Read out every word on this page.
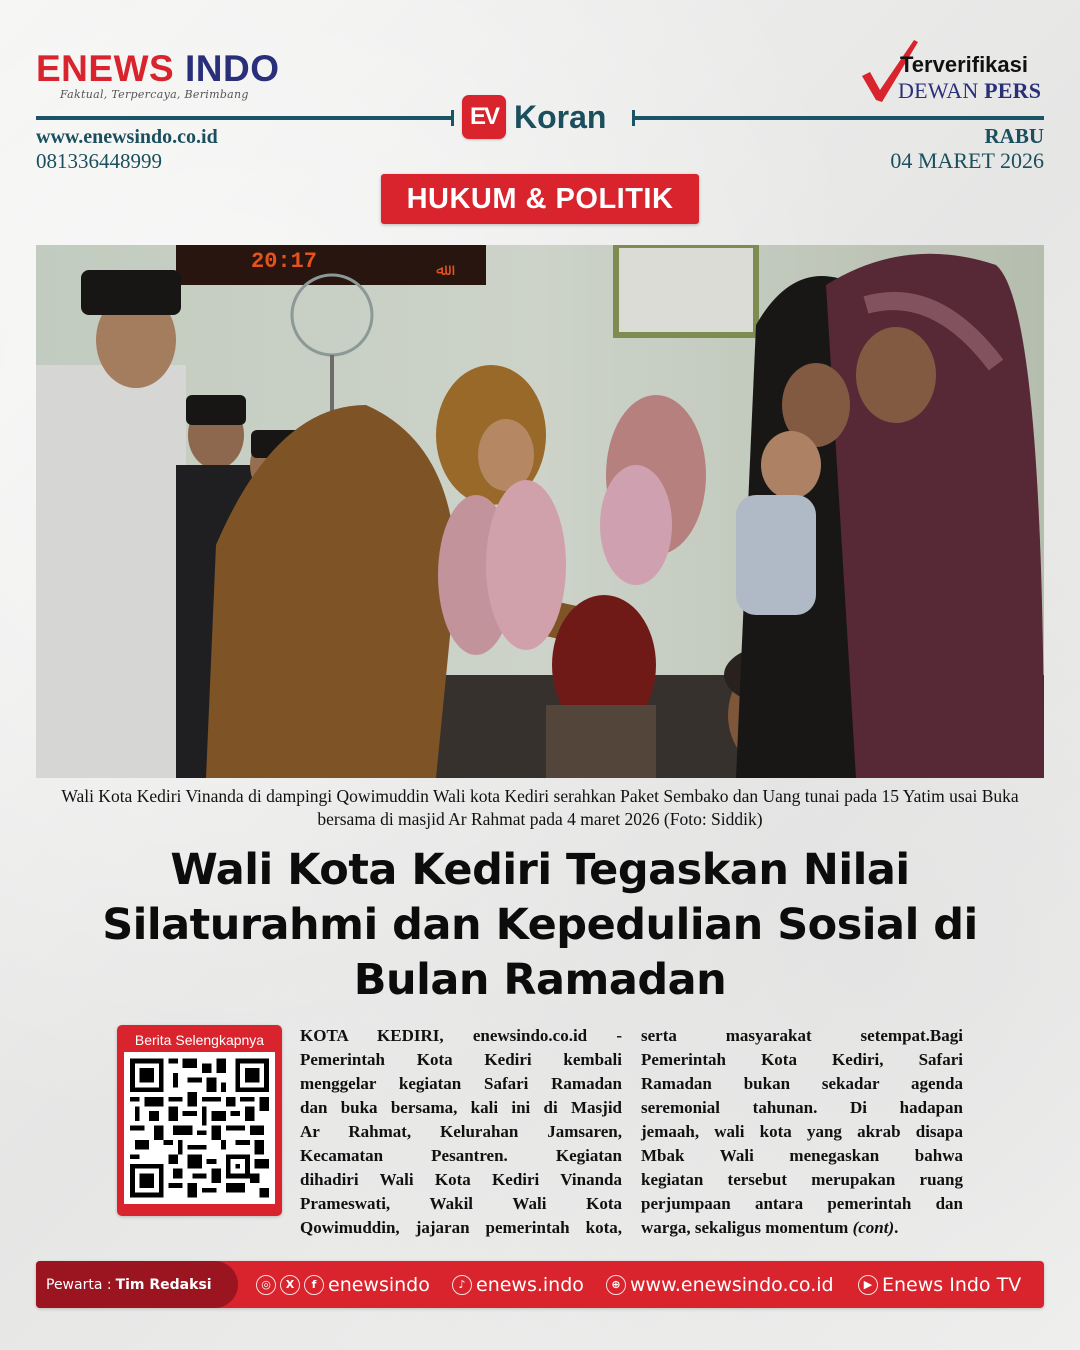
ENEWS INDO
Faktual, Terpercaya, Berimbang
www.enewsindo.co.id
081336448999
EV Koran
Terverifikasi
DEWAN PERS
RABU
04 MARET 2026
HUKUM & POLITIK
Wali Kota Kediri Vinanda di dampingi Qowimuddin Wali kota Kediri serahkan Paket Sembako dan Uang tunai pada 15 Yatim usai Buka bersama di masjid Ar Rahmat pada 4 maret 2026 (Foto: Siddik)
Wali Kota Kediri Tegaskan Nilai
Silaturahmi dan Kepedulian Sosial di
Bulan Ramadan
Berita Selengkapnya	KOTA KEDIRI, enewsindo.co.id -
Pemerintah Kota Kediri kembali
menggelar kegiatan Safari Ramadan
dan buka bersama, kali ini di Masjid
Ar Rahmat, Kelurahan Jamsaren,
Kecamatan Pesantren. Kegiatan
dihadiri Wali Kota Kediri Vinanda
Prameswati, Wakil Wali Kota
Qowimuddin, jajaran pemerintah kota,
serta masyarakat setempat.Bagi
Pemerintah Kota Kediri, Safari
Ramadan bukan sekadar agenda
seremonial tahunan. Di hadapan
jemaah, wali kota yang akrab disapa
Mbak Wali menegaskan bahwa
kegiatan tersebut merupakan ruang
perjumpaan antara pemerintah dan
warga, sekaligus momentum (cont).
Pewarta : Tim Redaksi	◎	X	f enewsindo	♪ enews.indo	⊕ www.enewsindo.co.id	▶ Enews Indo TV
